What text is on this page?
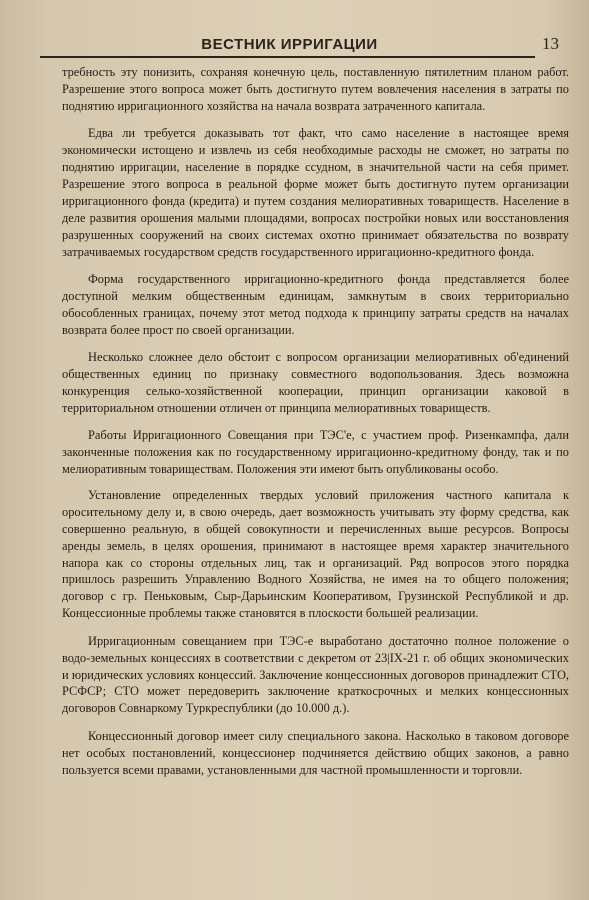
ВЕСТНИК ИРРИГАЦИИ	13

требность эту понизить, сохраняя конечную цель, поставленную пятилетним планом работ. Разрешение этого вопроса может быть достигнуто путем вовлечения населения в затраты по поднятию ирригационного хозяйства на начала возврата затраченного капитала.

Едва ли требуется доказывать тот факт, что само население в настоящее время экономически истощено и извлечь из себя необходимые расходы не сможет, но затраты по поднятию ирригации, население в порядке ссудном, в значительной части на себя примет. Разрешение этого вопроса в реальной форме может быть достигнуто путем организации ирригационного фонда (кредита) и путем создания мелиоративных товариществ. Население в деле развития орошения малыми площадями, вопросах постройки новых или восстановления разрушенных сооружений на своих системах охотно принимает обязательства по возврату затрачиваемых государством средств государственного ирригационно-кредитного фонда.

Форма государственного ирригационно-кредитного фонда представляется более доступной мелким общественным единицам, замкнутым в своих территориально обособленных границах, почему этот метод подхода к принципу затраты средств на началах возврата более прост по своей организации.

Несколько сложнее дело обстоит с вопросом организации мелиоративных об'единений общественных единиц по признаку совместного водопользования. Здесь возможна конкуренция селько-хозяйственной кооперации, принцип организации каковой в территориальном отношении отличен от принципа мелиоративных товариществ.

Работы Ирригационного Совещания при ТЭС'е, с участием проф. Ризенкампфа, дали законченные положения как по государственному ирригационно-кредитному фонду, так и по мелиоративным товариществам. Положения эти имеют быть опубликованы особо.

Установление определенных твердых условий приложения частного капитала к оросительному делу и, в свою очередь, дает возможность учитывать эту форму средства, как совершенно реальную, в общей совокупности и перечисленных выше ресурсов. Вопросы аренды земель, в целях орошения, принимают в настоящее время характер значительного напора как со стороны отдельных лиц, так и организаций. Ряд вопросов этого порядка пришлось разрешить Управлению Водного Хозяйства, не имея на то общего положения; договор с гр. Пеньковым, Сыр-Дарьинским Кооперативом, Грузинской Республикой и др. Концессионные проблемы также становятся в плоскости большей реализации.

Ирригационным совещанием при ТЭС-е выработано достаточно полное положение о водо-земельных концессиях в соответствии с декретом от 23|IX-21 г. об общих экономических и юридических условиях концессий. Заключение концессионных договоров принадлежит СТО, РСФСР; СТО может передоверить заключение краткосрочных и мелких концессионных договоров Совнаркому Туркреспублики (до 10.000 д.).

Концессионный договор имеет силу специального закона. Насколько в таковом договоре нет особых постановлений, концессионер подчиняется действию общих законов, а равно пользуется всеми правами, установленными для частной промышленности и торговли.
